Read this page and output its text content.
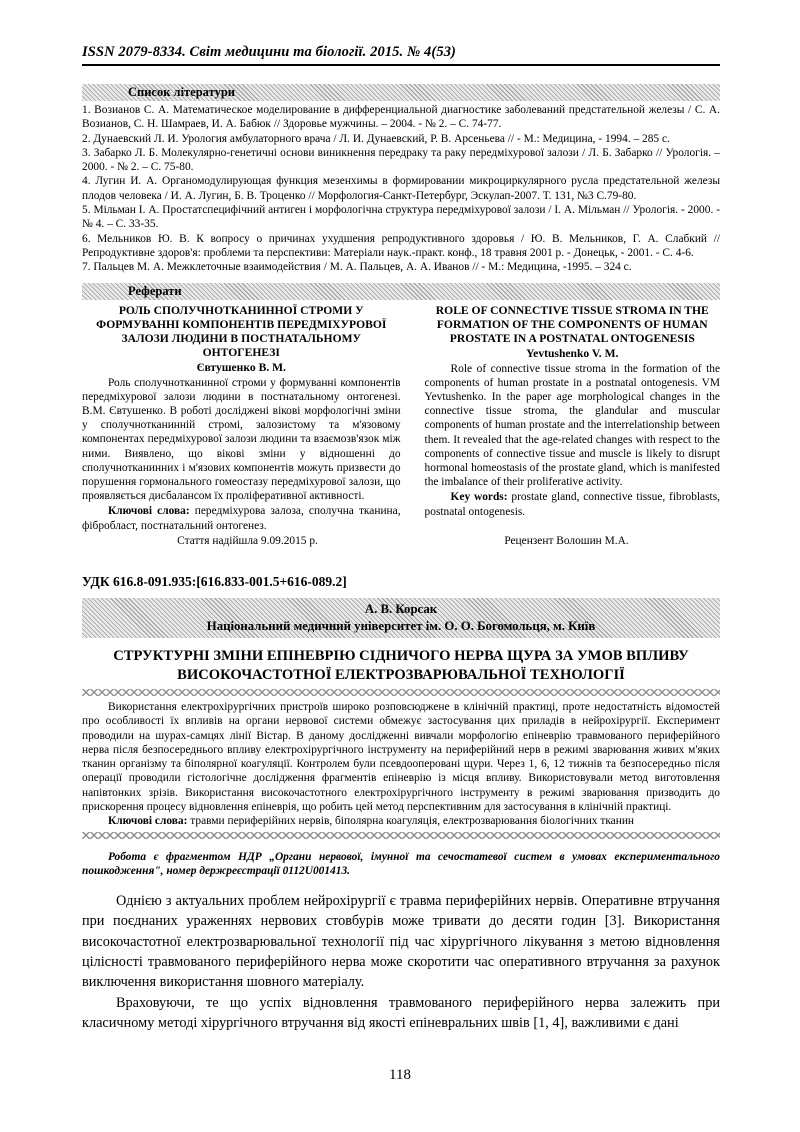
ISSN 2079-8334. Світ медицини та біології. 2015. № 4(53)
Список літератури

1. Возианов С. А. Математическое моделирование в дифференциальной диагностике заболеваний предстательной железы / С. А. Возианов, С. Н. Шамраев, И. А. Бабюк // Здоровье мужчины. – 2004. - № 2. – С. 74-77.

2. Дунаевский Л. И. Урология амбулаторного врача / Л. И. Дунаевский, Р. В. Арсеньева // - М.: Медицина, - 1994. – 285 с.

3. Забарко Л. Б. Молекулярно-генетичні основи виникнення передраку та раку передміхурової залози / Л. Б. Забарко // Урологія. – 2000. - № 2. – С. 75-80.

4. Лугин И. А. Органомодулирующая функция мезенхимы в формировании микроциркулярного русла предстательной железы плодов человека / И. А. Лугин, Б. В. Троценко // Морфология-Санкт-Петербург, Эскулап-2007. Т. 131, №3 С.79-80.

5. Мільман І. А. Простатспецифічний антиген і морфологічна структура передміхурової залози / І. А. Мільман // Урологія. - 2000. - № 4. – С. 33-35.

6. Мельников Ю. В. К вопросу о причинах ухудшения репродуктивного здоровья / Ю. В. Мельников, Г. А. Слабкий // Репродуктивне здоров'я: проблеми та перспективи: Матеріали наук.-практ. конф., 18 травня 2001 р. - Донецьк, - 2001. - С. 4-6.

7. Пальцев М. А. Межклеточные взаимодействия / М. А. Пальцев, А. А. Иванов // - М.: Медицина, -1995. – 324 с.

Реферати
РОЛЬ СПОЛУЧНОТКАНИННОЇ СТРОМИ У ФОРМУВАННІ КОМПОНЕНТІВ ПЕРЕДМІХУРОВОЇ ЗАЛОЗИ ЛЮДИНИ В ПОСТНАТАЛЬНОМУ ОНТОГЕНЕЗІ
Євтушенко В. М.
Роль сполучнотканинної строми у формуванні компонентів передміхурової залози людини в постнатальному онтогенезі. В.М. Євтушенко. В роботі досліджені вікові морфологічні зміни у сполучнотканинній стромі, залозистому та м'язовому компонентах передміхурової залози людини та взаємозв'язок між ними. Виявлено, що вікові зміни у відношенні до сполучнотканинних і м'язових компонентів можуть призвести до порушення гормонального гомеостазу передміхурової залози, що проявляється дисбалансом їх проліферативної активності.
Ключові слова: передміхурова залоза, сполучна тканина, фібробласт, постнатальний онтогенез.
ROLE OF CONNECTIVE TISSUE STROMA IN THE FORMATION OF THE COMPONENTS OF HUMAN PROSTATE IN A POSTNATAL ONTOGENESIS
Yevtushenko V. M.
Role of connective tissue stroma in the formation of the components of human prostate in a postnatal ontogenesis. VM Yevtushenko. In the paper age morphological changes in the connective tissue stroma, the glandular and muscular components of human prostate and the interrelationship between them. It revealed that the age-related changes with respect to the components of connective tissue and muscle is likely to disrupt hormonal homeostasis of the prostate gland, which is manifested the imbalance of their proliferative activity.
Key words: prostate gland, connective tissue, fibroblasts, postnatal ontogenesis.
Стаття надійшла 9.09.2015 р.	Рецензент Волошин М.А.
УДК 616.8-091.935:[616.833-001.5+616-089.2]
А. В. Корсак
Національний медичний університет ім. О. О. Богомольця, м. Київ
СТРУКТУРНІ ЗМІНИ ЕПІНЕВРІЮ СІДНИЧОГО НЕРВА ЩУРА ЗА УМОВ ВПЛИВУ ВИСОКОЧАСТОТНОЇ ЕЛЕКТРОЗВАРЮВАЛЬНОЇ ТЕХНОЛОГІЇ
Використання електрохірургічних пристроїв широко розповсюджене в клінічній практиці, проте недостатність відомостей про особливості їх впливів на органи нервової системи обмежує застосування цих приладів в нейрохірургії. Експеримент проводили на шурах-самцях лінії Вістар. В даному дослідженні вивчали морфологію епіневрію травмованого периферійного нерва після безпосереднього впливу електрохірургічного інструменту на периферійний нерв в режимі зварювання живих м'яких тканин організму та біполярної коагуляції. Контролем були псевдооперовані щури. Через 1, 6, 12 тижнів та безпосередньо після операції проводили гістологічне дослідження фрагментів епіневрію із місця впливу. Використовували метод виготовлення напівтонких зрізів. Використання високочастотного електрохірургічного інструменту в режимі зварювання призводить до прискорення процесу відновлення епіневрія, що робить цей метод перспективним для застосування в клінічній практиці.
Ключові слова: травми периферійних нервів, біполярна коагуляція, електрозварювання біологічних тканин
Робота є фрагментом НДР „Органи нервової, імунної та сечостатевої систем в умовах експериментального пошкодження", номер держреєстрації 0112U001413.
Однією з актуальних проблем нейрохірургії є травма периферійних нервів. Оперативне втручання при поєднаних ураженнях нервових стовбурів може тривати до десяти годин [3]. Використання високочастотної електрозварювальної технології під час хірургічного лікування з метою відновлення цілісності травмованого периферійного нерва може скоротити час оперативного втручання за рахунок виключення використання шовного матеріалу.
Враховуючи, те що успіх відновлення травмованого периферійного нерва залежить при класичному методі хірургічного втручання від якості епіневральних швів [1, 4], важливими є дані
118
